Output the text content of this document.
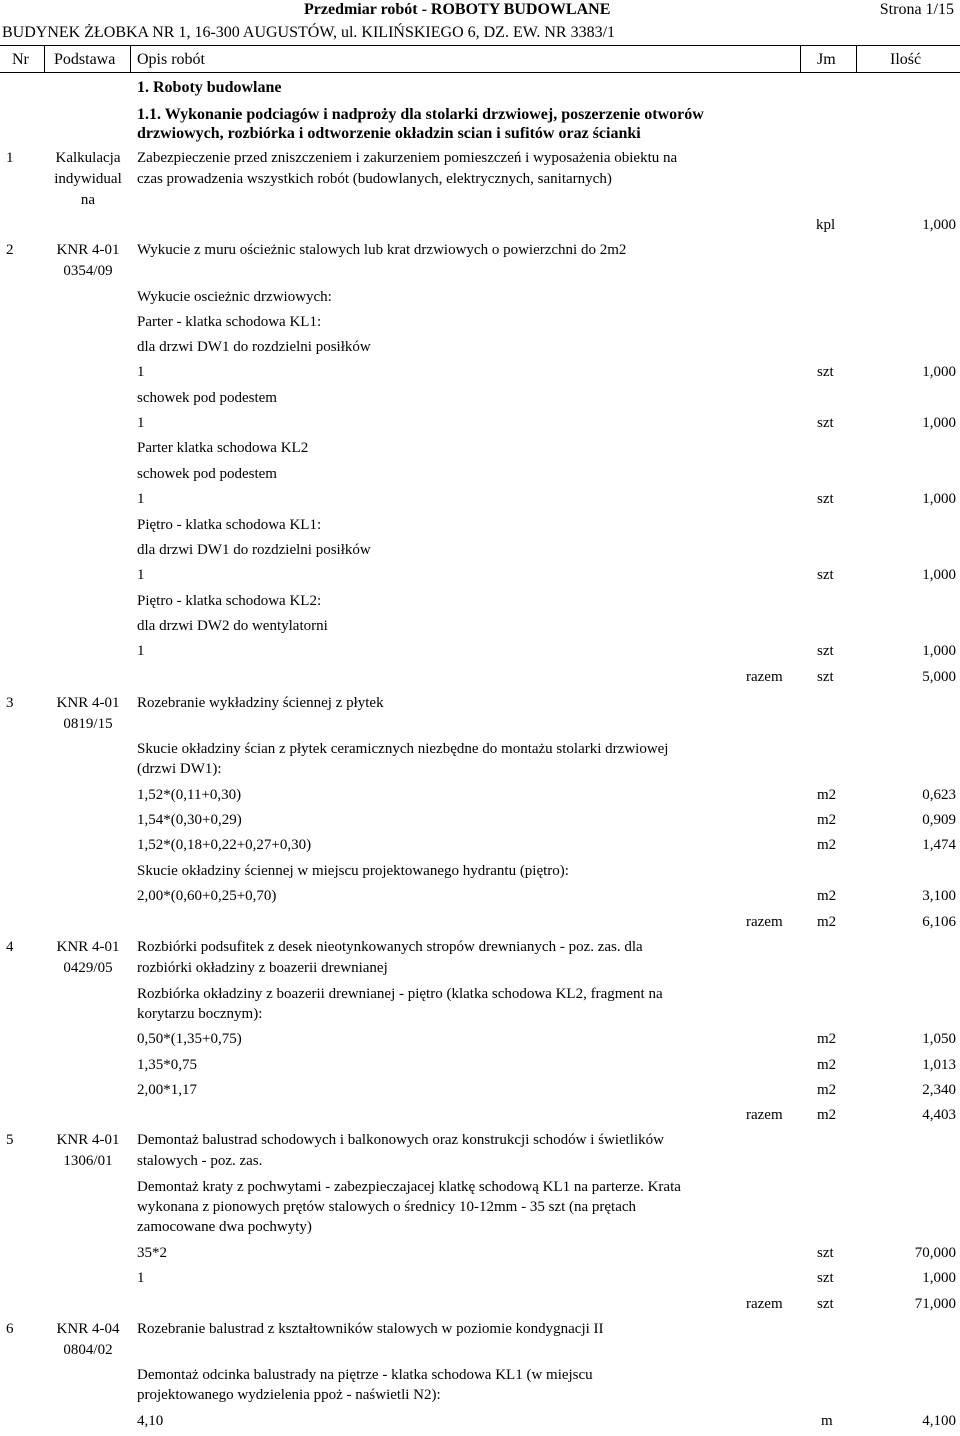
Przedmiar robót - ROBOTY BUDOWLANE	Strona 1/15
BUDYNEK ŻŁOBKA NR 1, 16-300 AUGUSTÓW, ul. KILIŃSKIEGO 6, DZ. EW. NR 3383/1
Nr Podstawa Opis robót	Jm	Ilość
1. Roboty budowlane
1.1. Wykonanie podciagów i nadproży dla stolarki drzwiowej, poszerzenie otworów
drzwiowych, rozbiórka i odtworzenie okładzin scian i sufitów oraz ścianki
1	Kalkulacja
indywidual
na
Zabezpieczenie przed zniszczeniem i zakurzeniem pomieszczeń i wyposażenia obiektu na
czas prowadzenia wszystkich robót (budowlanych, elektrycznych, sanitarnych)
kpl	1,000
2	KNR 4-01
0354/09
Wykucie z muru ościeżnic stalowych lub krat drzwiowych o powierzchni do 2m2
Wykucie oscieżnic drzwiowych:
Parter - klatka schodowa KL1:
dla drzwi DW1 do rozdzielni posiłków
1	szt	1,000
schowek pod podestem
1	szt	1,000
Parter klatka schodowa KL2
schowek pod podestem
1	szt	1,000
Piętro - klatka schodowa KL1:
dla drzwi DW1 do rozdzielni posiłków
1	szt	1,000
Piętro - klatka schodowa KL2:
dla drzwi DW2 do wentylatorni
1	szt	1,000
razem szt	5,000
3	KNR 4-01
0819/15
Rozebranie wykładziny ściennej z płytek
Skucie okładziny ścian z płytek ceramicznych niezbędne do montażu stolarki drzwiowej
(drzwi DW1):
1,52*(0,11+0,30)	m2	0,623
1,54*(0,30+0,29)	m2	0,909
1,52*(0,18+0,22+0,27+0,30)	m2	1,474
Skucie okładziny ściennej w miejscu projektowanego hydrantu (piętro):
2,00*(0,60+0,25+0,70)	m2	3,100
razem m2	6,106
4	KNR 4-01
0429/05
Rozbiórki podsufitek z desek nieotynkowanych stropów drewnianych - poz. zas. dla
rozbiórki okładziny z boazerii drewnianej
Rozbiórka okładziny z boazerii drewnianej - piętro (klatka schodowa KL2, fragment na
korytarzu bocznym):
0,50*(1,35+0,75)	m2	1,050
1,35*0,75	m2	1,013
2,00*1,17	m2	2,340
razem m2	4,403
5	KNR 4-01
1306/01
Demontaż balustrad schodowych i balkonowych oraz konstrukcji schodów i świetlików
stalowych - poz. zas.
Demontaż kraty z pochwytami - zabezpieczajacej klatkę schodową KL1 na parterze. Krata
wykonana z pionowych prętów stalowych o średnicy 10-12mm - 35 szt (na prętach
zamocowane dwa pochwyty)
35*2	szt	70,000
1	szt	1,000
razem szt	71,000
6	KNR 4-04
0804/02
Rozebranie balustrad z kształtowników stalowych w poziomie kondygnacji II
Demontaż odcinka balustrady na piętrze - klatka schodowa KL1 (w miejscu
projektowanego wydzielenia ppoż - naświetli N2):
4,10	m	4,100
